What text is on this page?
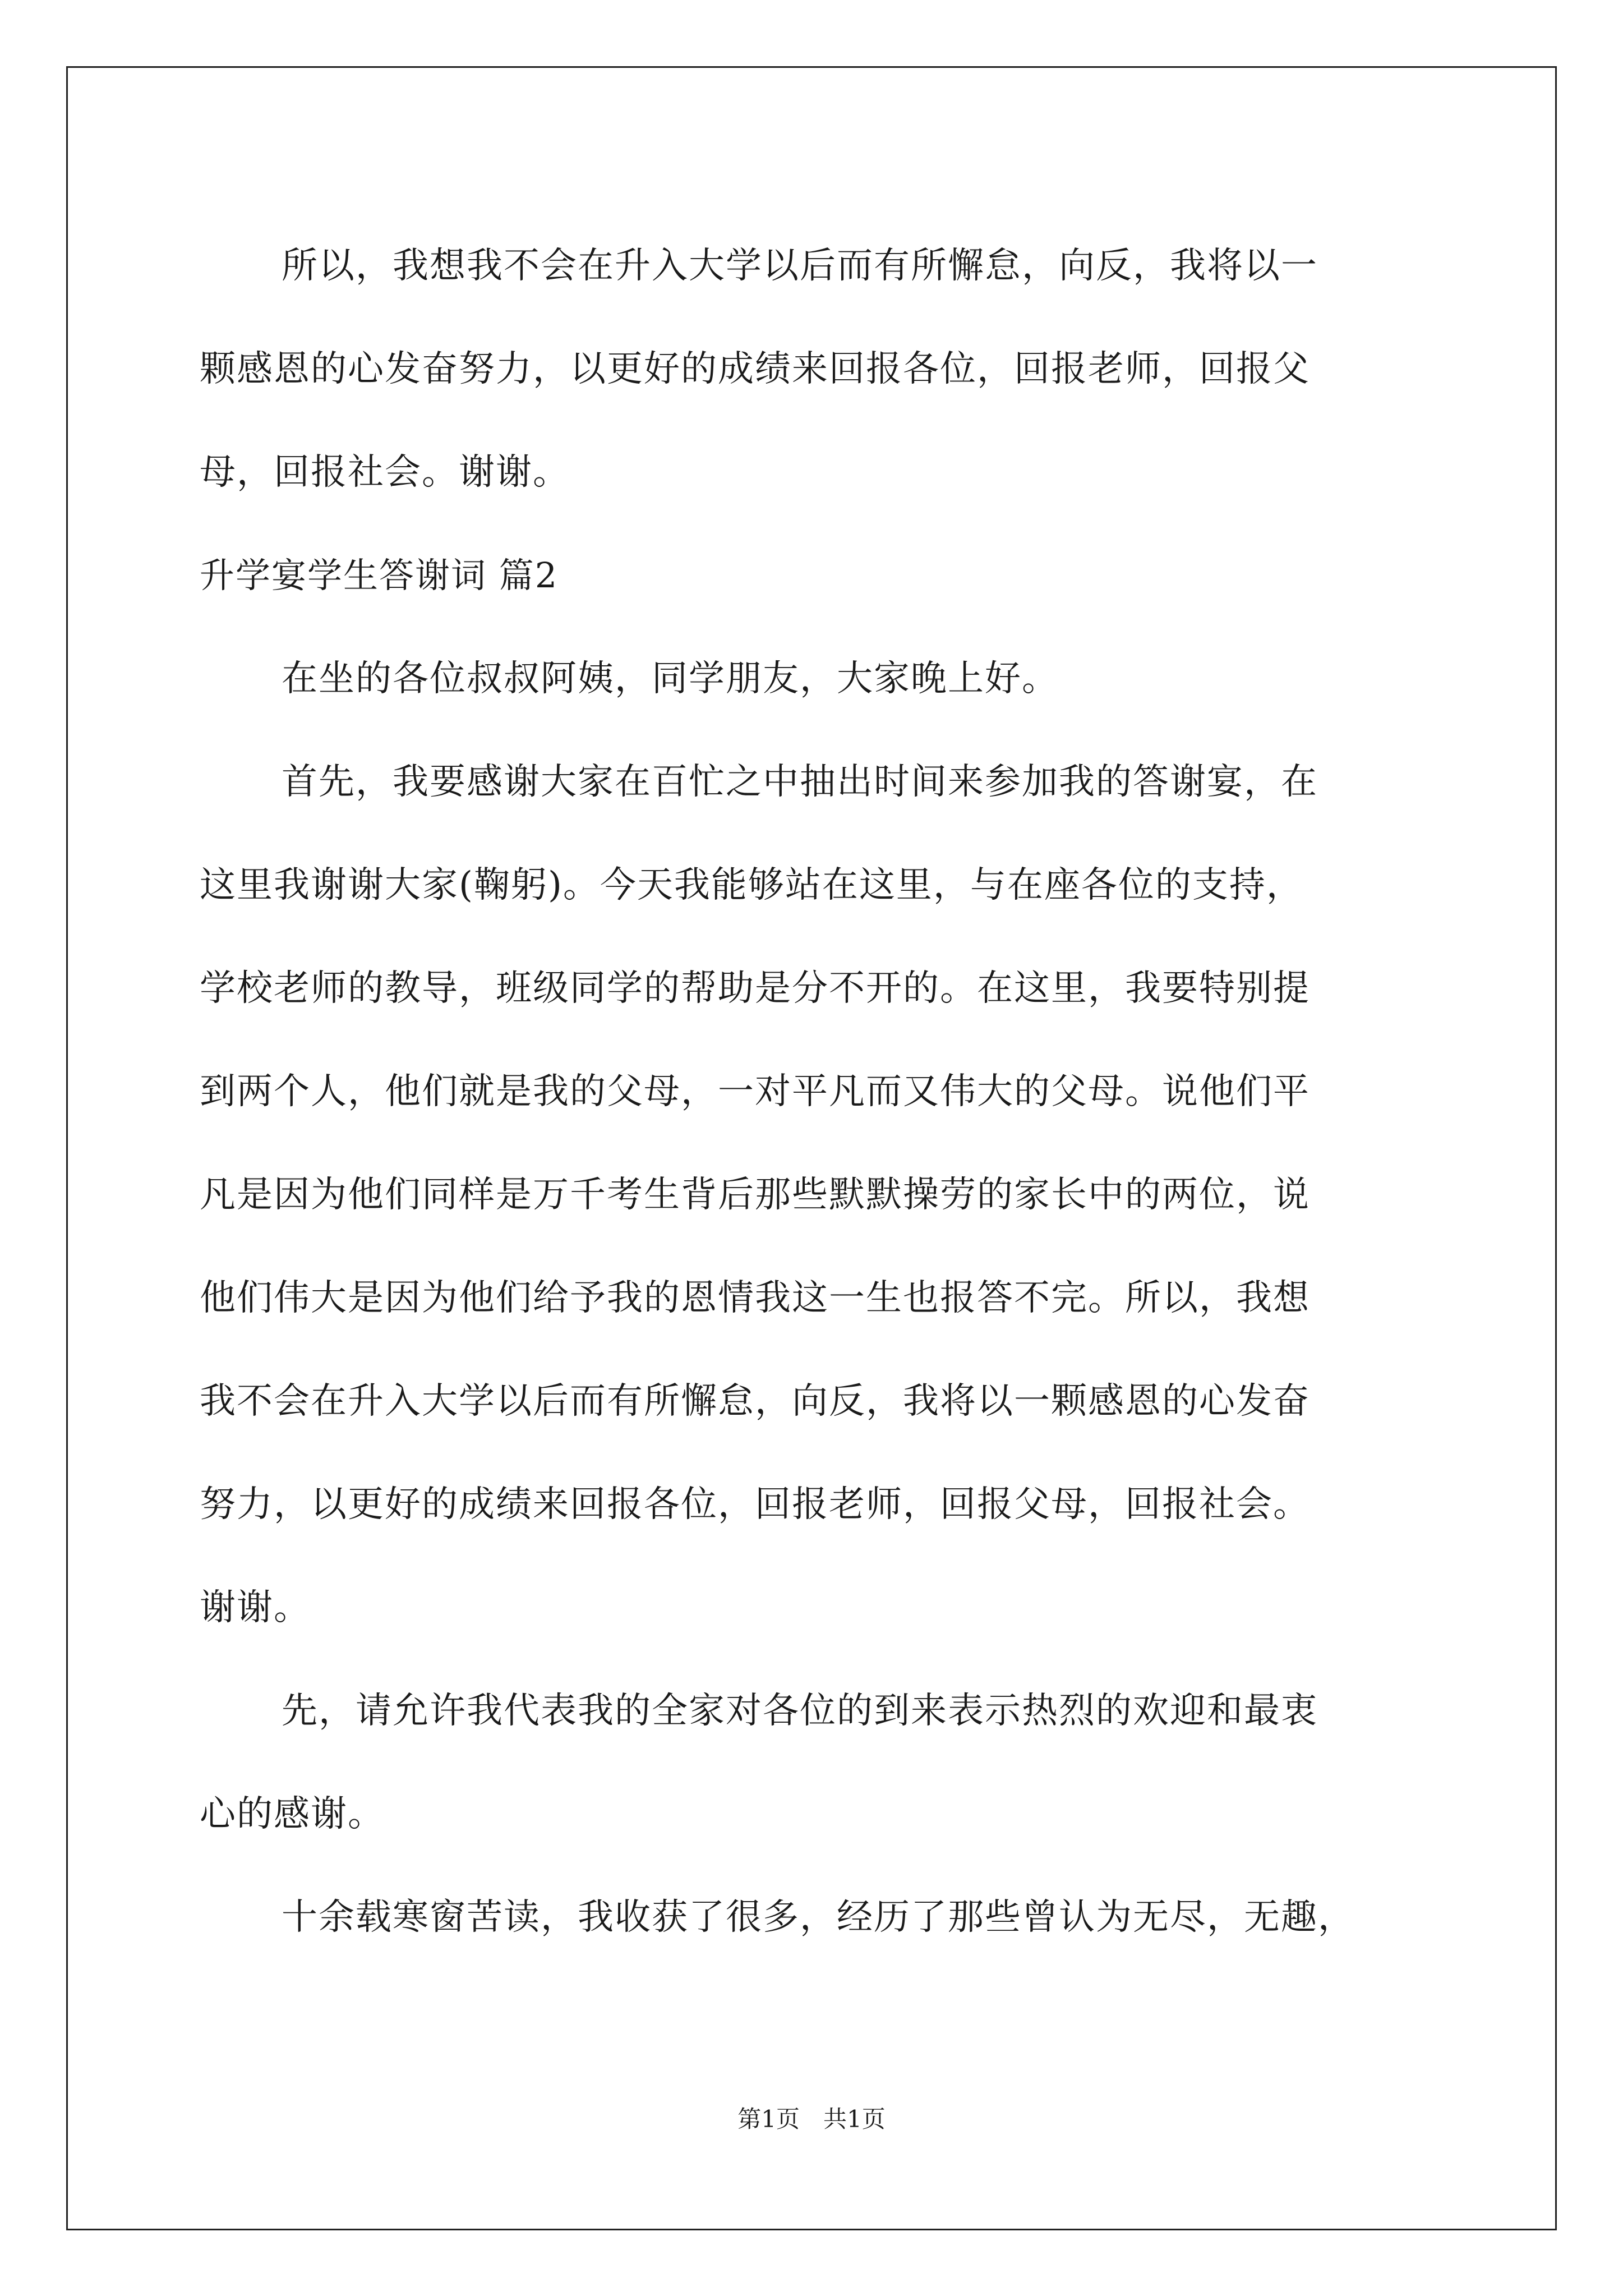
所以，我想我不会在升入大学以后而有所懈怠，向反，我将以一
颗感恩的心发奋努力，以更好的成绩来回报各位，回报老师，回报父
母，回报社会。谢谢。
升学宴学生答谢词 篇2
在坐的各位叔叔阿姨，同学朋友，大家晚上好。
首先，我要感谢大家在百忙之中抽出时间来参加我的答谢宴，在
这里我谢谢大家(鞠躬)。今天我能够站在这里，与在座各位的支持，
学校老师的教导，班级同学的帮助是分不开的。在这里，我要特别提
到两个人，他们就是我的父母，一对平凡而又伟大的父母。说他们平
凡是因为他们同样是万千考生背后那些默默操劳的家长中的两位，说
他们伟大是因为他们给予我的恩情我这一生也报答不完。所以，我想
我不会在升入大学以后而有所懈怠，向反，我将以一颗感恩的心发奋
努力，以更好的成绩来回报各位，回报老师，回报父母，回报社会。
谢谢。
先，请允许我代表我的全家对各位的到来表示热烈的欢迎和最衷
心的感谢。
十余载寒窗苦读，我收获了很多，经历了那些曾认为无尽，无趣，
第1页　共1页
